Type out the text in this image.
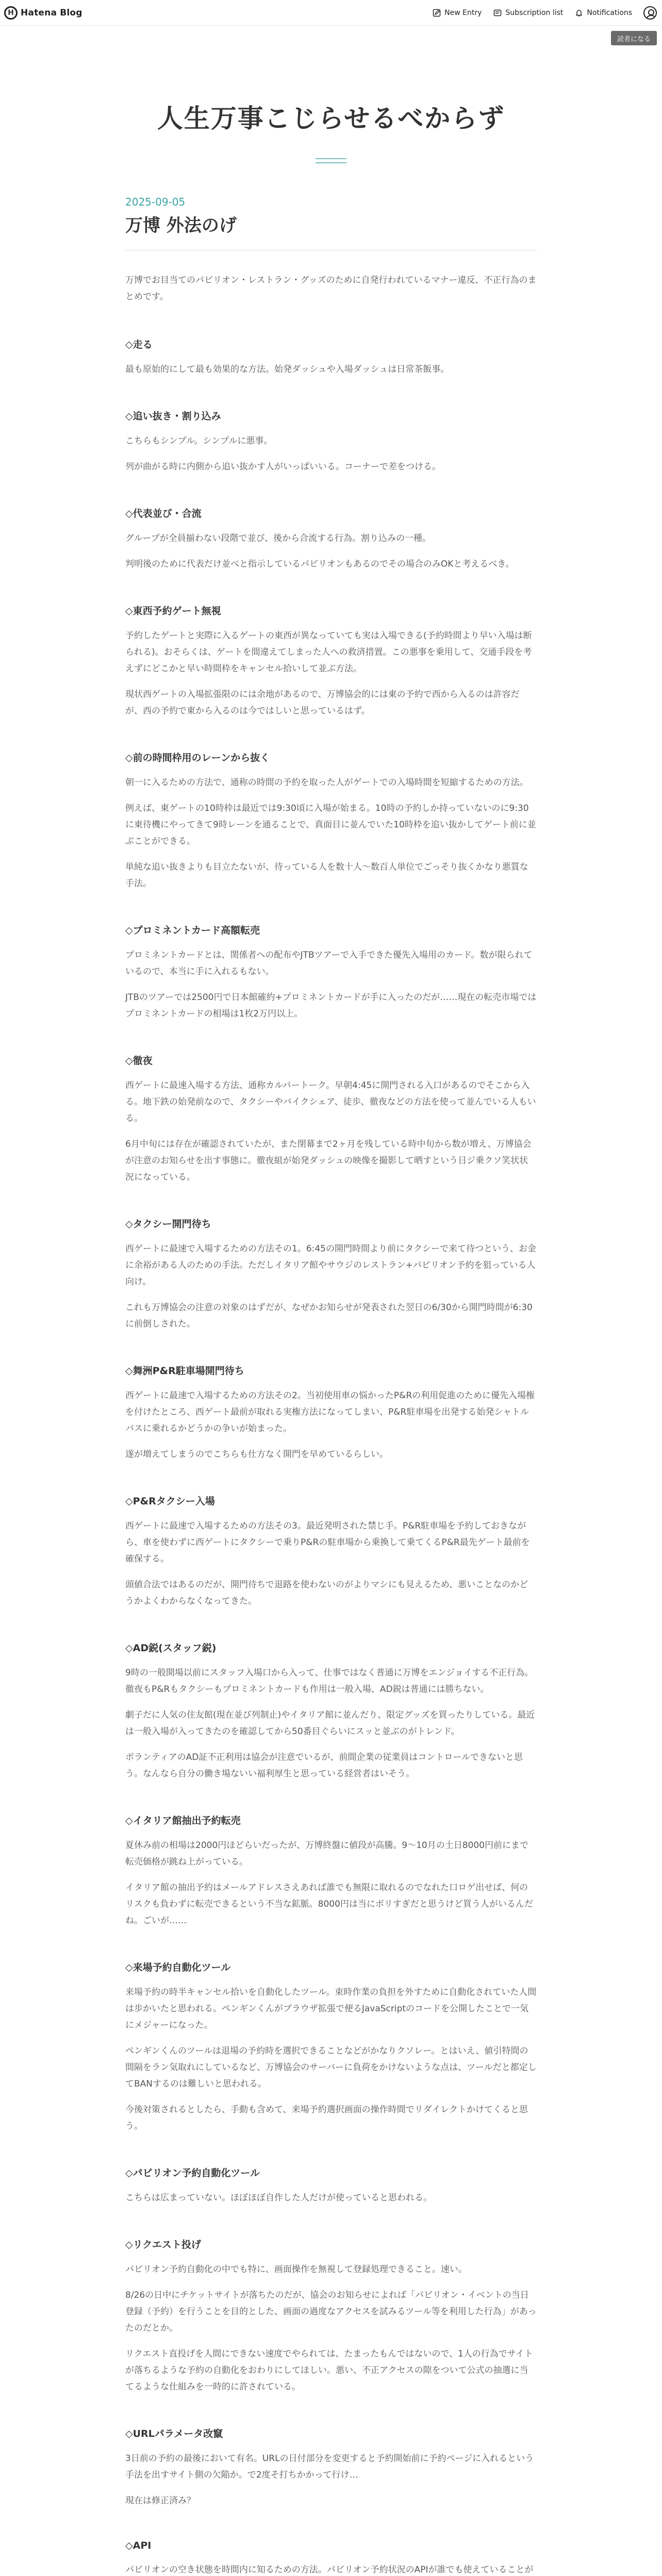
H Hatena Blog	New Entry	Subscription list	Notifications
読者になる
人生万事こじらせるべからず
2025-09-05
万博 外法のげ

万博でお目当てのパビリオン・レストラン・グッズのために自発行われているマナー違反、不正行為のまとめです。

◇走る

最も原始的にして最も効果的な方法。始発ダッシュや入場ダッシュは日常茶飯事。

◇追い抜き・割り込み

こちらもシンプル。シンプルに悪事。

列が曲がる時に内側から追い抜かす人がいっぱいいる。コーナーで差をつける。

◇代表並び・合流

グループが全員揃わない段階で並び、後から合流する行為。割り込みの一種。

判明後のために代表だけ並べと指示しているパビリオンもあるのでその場合のみOKと考えるべき。

◇東西予約ゲート無視

予約したゲートと実際に入るゲートの東西が異なっていても実は入場できる(予約時間より早い入場は断られる)。おそらくは、ゲートを間違えてしまった人への救済措置。この悪事を乗用して、交通手段を考えずにどこかと早い時間枠をキャンセル拾いして並ぶ方法。

現状西ゲートの入場拡張限のには余地があるので、万博協会的には東の予約で西から入るのは許容だが、西の予約で東から入るのは今ではしいと思っているはず。

◇前の時間枠用のレーンから抜く

朝一に入るための方法で、通称の時間の予約を取った人がゲートでの入場時間を短縮するための方法。

例えば、東ゲートの10時枠は最近では9:30頃に入場が始まる。10時の予約しか持っていないのに9:30に東待機にやってきて9時レーンを通ることで、真面目に並んでいた10時枠を追い抜かしてゲート前に並ぶことができる。

単純な追い抜きよりも目立たないが、待っている人を数十人〜数百人単位でごっそり抜くかなり悪質な手法。

◇プロミネントカード高額転売

プロミネントカードとは、関係者への配布やJTBツアーで入手できた優先入場用のカード。数が限られているので、本当に手に入れるもない。

JTBのツアーでは2500円で日本館確約+プロミネントカードが手に入ったのだが……現在の転売市場ではプロミネントカードの相場は1枚2万円以上。

◇徹夜

西ゲートに最速入場する方法、通称カルパートーク。早朝4:45に開門される入口があるのでそこから入る。地下鉄の始発前なので、タクシーやバイクシェア、徒歩、徹夜などの方法を使って並んでいる人もいる。

6月中旬には存在が確認されていたが、また閉幕まで2ヶ月を残している時中旬から数が増え、万博協会が注意のお知らせを出す事態に。徹夜組が始発ダッシュの映像を撮影して晒すという日ジ乗クソ笑状状況になっている。

◇タクシー開門待ち

西ゲートに最速で入場するための方法その1。6:45の開門時間より前にタクシーで来て待つという、お金に余裕がある人のための手法。ただしイタリア館やサウジのレストラン+パビリオン予約を狙っている人向け。

これも万博協会の注意の対象のはずだが、なぜかお知らせが発表された翌日の6/30から開門時間が6:30に前倒しされた。

◇舞洲P&R駐車場開門待ち

西ゲートに最速で入場するための方法その2。当初使用車の悩かったP&Rの利用促進のために優先入場権を付けたところ、西ゲート最前が取れる実権方法になってしまい、P&R駐車場を出発する始発シャトルバスに乗れるかどうかの争いが始まった。

遂が増えてしまうのでこちらも仕方なく開門を早めているらしい。

◇P&Rタクシー入場

西ゲートに最速で入場するための方法その3。最近発明された禁じ手。P&R駐車場を予約しておきながら、車を使わずに西ゲートにタクシーで乗りP&Rの駐車場から乗換して乗てくるP&R最先ゲート最前を確保する。

頭値合法ではあるのだが、開門待ちで退路を使わないのがよりマシにも見えるため、悪いことなのかどうかよくわからなくなってきた。

◇AD鋭(スタッフ鋭)

9時の一般開場以前にスタッフ入場口から入って、仕事ではなく普通に万博をエンジョイする不正行為。徹夜もP&Rもタクシーもプロミネントカードも作用は一般入場、AD鋭は普通には勝ちない。

劇子だに人気の住友館(現在並び列制止)やイタリア館に並んだり、限定グッズを買ったりしている。最近は一般入場が入ってきたのを確認してから50番目ぐらいにスッと並ぶのがトレンド。

ボランティアのAD証不正利用は協会が注意でいるが、前間企業の従業員はコントロールできないと思う。なんなら自分の働き場ないい福利厚生と思っている経営者はいそう。

◇イタリア館抽出予約転売

夏休み前の相場は2000円ほどらいだったが、万博終盤に値段が高騰。9〜10月の土日8000円前にまで転売価格が跳ね上がっている。

イタリア館の抽出予約はメールアドレスさえあれば誰でも無限に取れるのでなれた口ロゲ出せば、何のリスクも負わずに転売できるという不当な鉱脈。8000円は当にボリすぎだと思うけど買う人がいるんだね。ごいが……

◇来場予約自動化ツール

来場予約の時半キャンセル拾いを自動化したツール。束時作業の負担を外すために自動化されていた人間は歩かいたと思われる。ペンギンくんがブラウザ拡張で便るJavaScriptのコードを公開したことで一気にメジャーになった。

ペンギンくんのツールは退場の予約時を選択できることなどがかなりクソレー。とはいえ、値引特間の間隔をラン気取れにしているなど、万博協会のサーバーに負荷をかけないような点は、ツールだと都定してBANするのは難しいと思われる。

今後対策されるとしたら、手動も含めて、来場予約選択画面の操作時間でリダイレクトかけてくると思う。

◇パビリオン予約自動化ツール

こちらは広まっていない。ほぼほぼ自作した人だけが使っていると思われる。

◇リクエスト投げ

パビリオン予約自動化の中でも特に、画面操作を無視して登録処理できること。速い。

8/26の日中にチケットサイトが落ちたのだが、協会のお知らせによれば「パビリオン・イベントの当日登録（予約）を行うことを目的とした、画面の過度なアクセスを試みるツール等を利用した行為」があったのだとか。

リクエスト直投げを人間にできない速度でやられては、たまったもんではないので、1人の行為でサイトが落ちるような予約の自動化をおわりにしてほしい。悪い、不正アクセスの隙をついて公式の抽選に当てるような仕組みを一時的に許されている。

◇URLパラメータ改竄

3日前の予約の最後において有名。URLの日付部分を変更すると予約開始前に予約ページに入れるという手法を出すサイト側の欠陥か。で2度そ打ちかかって行け…

現在は修正済み？

◇API

パビリオンの空き状態を時間内に知るための方法。パビリオン予約状況のAPIが誰でも使えていることが
